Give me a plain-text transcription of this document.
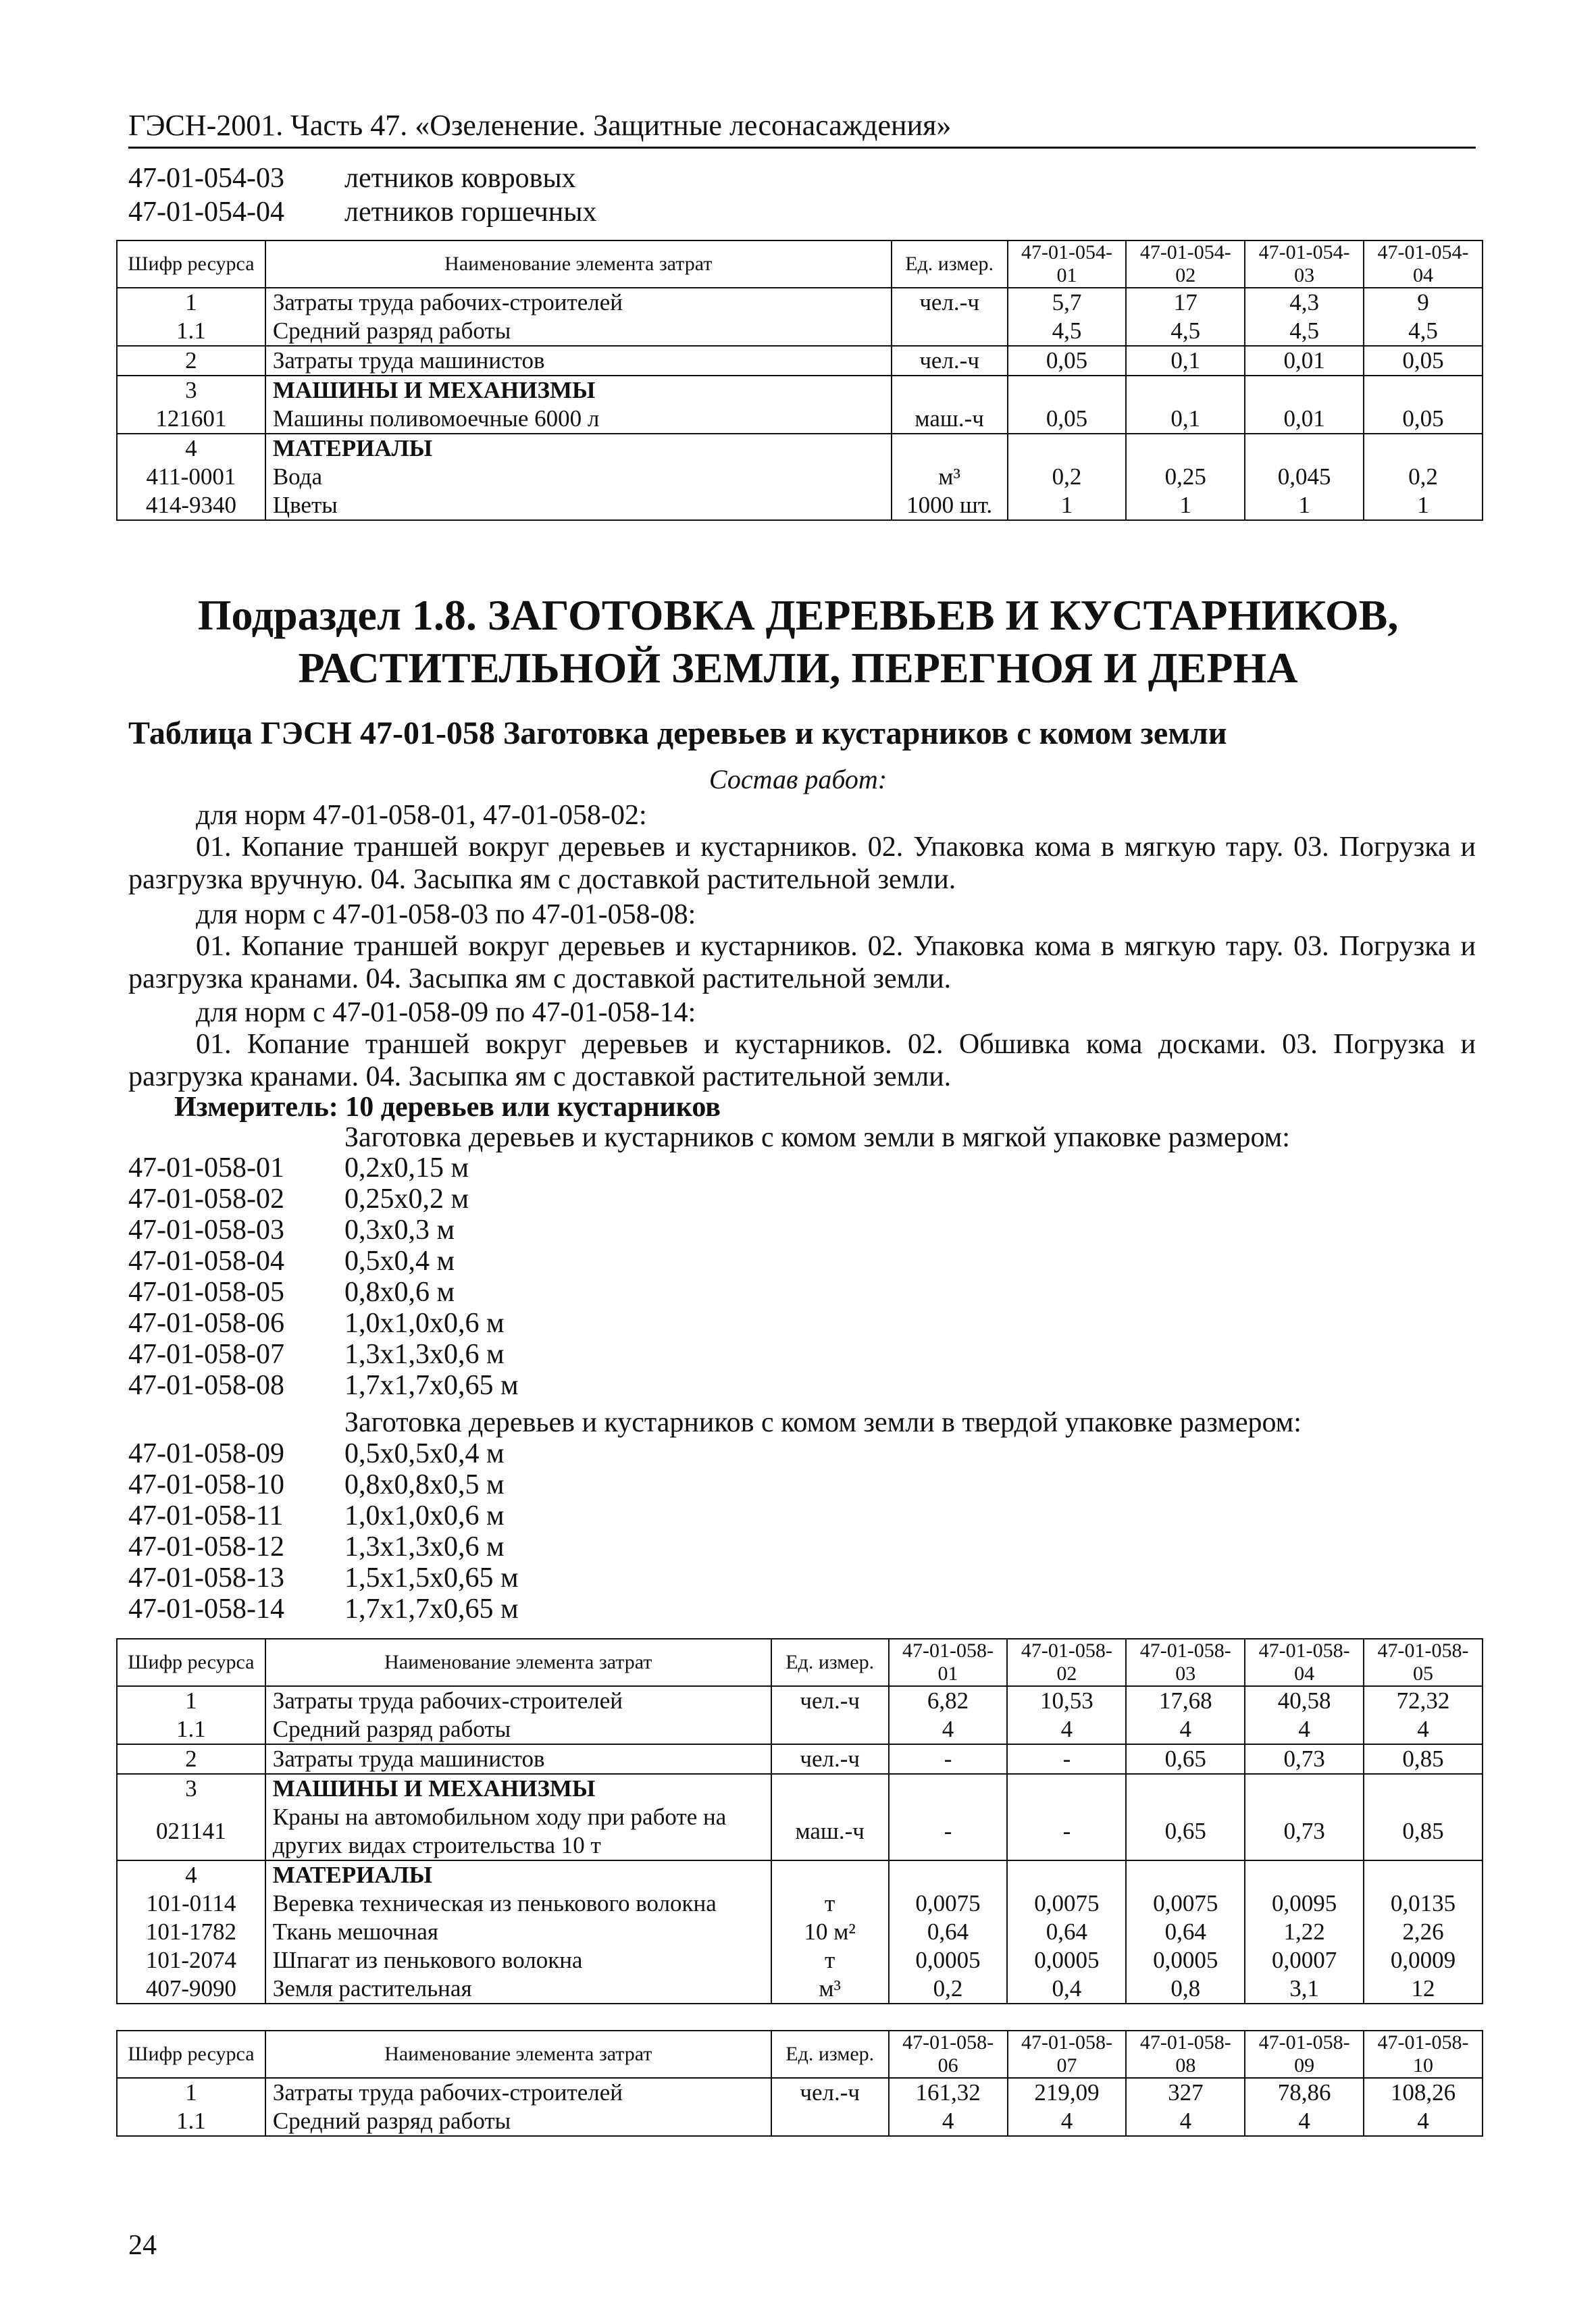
ГЭСН-2001. Часть 47. «Озеленение. Защитные лесонасаждения»
47-01-054-03 летников ковровых
47-01-054-04 летников горшечных
Шифр ресурса	Наименование элемента затрат	Ед. измер.	47-01-054-01	47-01-054-02	47-01-054-03	47-01-054-04
1	Затраты труда рабочих-строителей	чел.-ч	5,7	17	4,3	9
1.1	Средний разряд работы		4,5	4,5	4,5	4,5
2	Затраты труда машинистов	чел.-ч	0,05	0,1	0,01	0,05
3	МАШИНЫ И МЕХАНИЗМЫ					
121601	Машины поливомоечные 6000 л	маш.-ч	0,05	0,1	0,01	0,05
4	МАТЕРИАЛЫ					
411-0001	Вода	м³	0,2	0,25	0,045	0,2
414-9340	Цветы	1000 шт.	1	1	1	1
Подраздел 1.8. ЗАГОТОВКА ДЕРЕВЬЕВ И КУСТАРНИКОВ,
РАСТИТЕЛЬНОЙ ЗЕМЛИ, ПЕРЕГНОЯ И ДЕРНА
Таблица ГЭСН 47-01-058 Заготовка деревьев и кустарников с комом земли
Состав работ:
для норм 47-01-058-01, 47-01-058-02:
01. Копание траншей вокруг деревьев и кустарников. 02. Упаковка кома в мягкую тару. 03. Погрузка и разгрузка вручную. 04. Засыпка ям с доставкой растительной земли.
для норм с 47-01-058-03 по 47-01-058-08:
01. Копание траншей вокруг деревьев и кустарников. 02. Упаковка кома в мягкую тару. 03. Погрузка и разгрузка кранами. 04. Засыпка ям с доставкой растительной земли.
для норм с 47-01-058-09 по 47-01-058-14:
01. Копание траншей вокруг деревьев и кустарников. 02. Обшивка кома досками. 03. Погрузка и разгрузка кранами. 04. Засыпка ям с доставкой растительной земли.
Измеритель: 10 деревьев или кустарников
Заготовка деревьев и кустарников с комом земли в мягкой упаковке размером:
47-01-058-01 0,2x0,15 м
47-01-058-02 0,25x0,2 м
47-01-058-03 0,3x0,3 м
47-01-058-04 0,5x0,4 м
47-01-058-05 0,8x0,6 м
47-01-058-06 1,0x1,0x0,6 м
47-01-058-07 1,3x1,3x0,6 м
47-01-058-08 1,7x1,7x0,65 м
Заготовка деревьев и кустарников с комом земли в твердой упаковке размером:
47-01-058-09 0,5x0,5x0,4 м
47-01-058-10 0,8x0,8x0,5 м
47-01-058-11 1,0x1,0x0,6 м
47-01-058-12 1,3x1,3x0,6 м
47-01-058-13 1,5x1,5x0,65 м
47-01-058-14 1,7x1,7x0,65 м
Шифр ресурса	Наименование элемента затрат	Ед. измер.	47-01-058-01	47-01-058-02	47-01-058-03	47-01-058-04	47-01-058-05
1	Затраты труда рабочих-строителей	чел.-ч	6,82	10,53	17,68	40,58	72,32
1.1	Средний разряд работы		4	4	4	4	4
2	Затраты труда машинистов	чел.-ч	-	-	0,65	0,73	0,85
3	МАШИНЫ И МЕХАНИЗМЫ						
021141	Краны на автомобильном ходу при работе на других видах строительства 10 т	маш.-ч	-	-	0,65	0,73	0,85
4	МАТЕРИАЛЫ						
101-0114	Веревка техническая из пенькового волокна	т	0,0075	0,0075	0,0075	0,0095	0,0135
101-1782	Ткань мешочная	10 м²	0,64	0,64	0,64	1,22	2,26
101-2074	Шпагат из пенькового волокна	т	0,0005	0,0005	0,0005	0,0007	0,0009
407-9090	Земля растительная	м³	0,2	0,4	0,8	3,1	12
Шифр ресурса	Наименование элемента затрат	Ед. измер.	47-01-058-06	47-01-058-07	47-01-058-08	47-01-058-09	47-01-058-10
1	Затраты труда рабочих-строителей	чел.-ч	161,32	219,09	327	78,86	108,26
1.1	Средний разряд работы		4	4	4	4	4
24
